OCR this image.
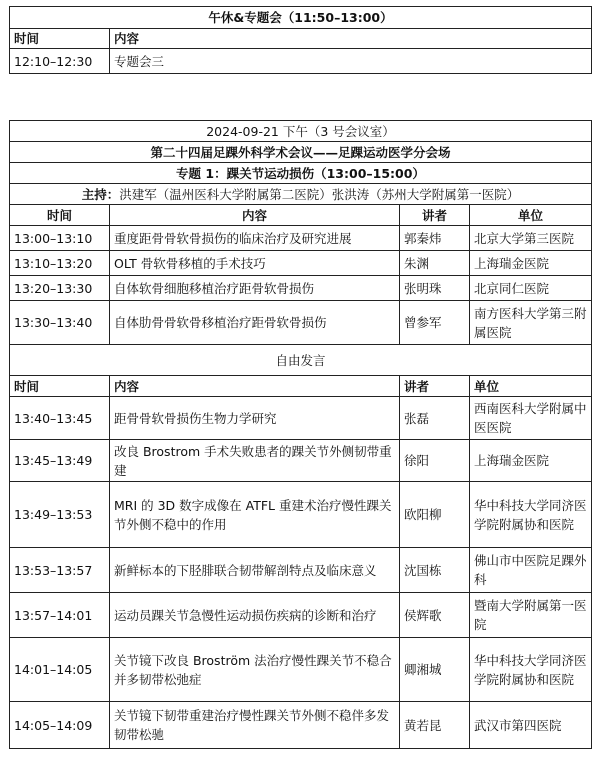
午休&专题会（11:50–13:00）	
时间	内容
12:10–12:30	专题会三
2024-09-21 下午（3 号会议室）			
第二十四届足踝外科学术会议——足踝运动医学分会场			
专题 1：踝关节运动损伤（13:00–15:00）			
主持：洪建军（温州医科大学附属第二医院）张洪涛（苏州大学附属第一医院）			
时间	内容	讲者	单位
13:00–13:10	重度距骨骨软骨损伤的临床治疗及研究进展	郭秦炜	北京大学第三医院
13:10–13:20	OLT 骨软骨移植的手术技巧	朱渊	上海瑞金医院
13:20–13:30	自体软骨细胞移植治疗距骨软骨损伤	张明珠	北京同仁医院
13:30–13:40	自体肋骨骨软骨移植治疗距骨软骨损伤	曾参军	南方医科大学第三附属医院
自由发言			
时间	内容	讲者	单位
13:40–13:45	距骨骨软骨损伤生物力学研究	张磊	西南医科大学附属中医医院
13:45–13:49	改良 Brostrom 手术失败患者的踝关节外侧韧带重建	徐阳	上海瑞金医院
13:49–13:53	MRI 的 3D 数字成像在 ATFL 重建术治疗慢性踝关节外侧不稳中的作用	欧阳柳	华中科技大学同济医学院附属协和医院
13:53–13:57	新鲜标本的下胫腓联合韧带解剖特点及临床意义	沈国栋	佛山市中医院足踝外科
13:57–14:01	运动员踝关节急慢性运动损伤疾病的诊断和治疗	侯辉歌	暨南大学附属第一医院
14:01–14:05	关节镜下改良 Broström 法治疗慢性踝关节不稳合并多韧带松弛症	卿湘城	华中科技大学同济医学院附属协和医院
14:05–14:09	关节镜下韧带重建治疗慢性踝关节外侧不稳伴多发韧带松驰	黄若昆	武汉市第四医院
